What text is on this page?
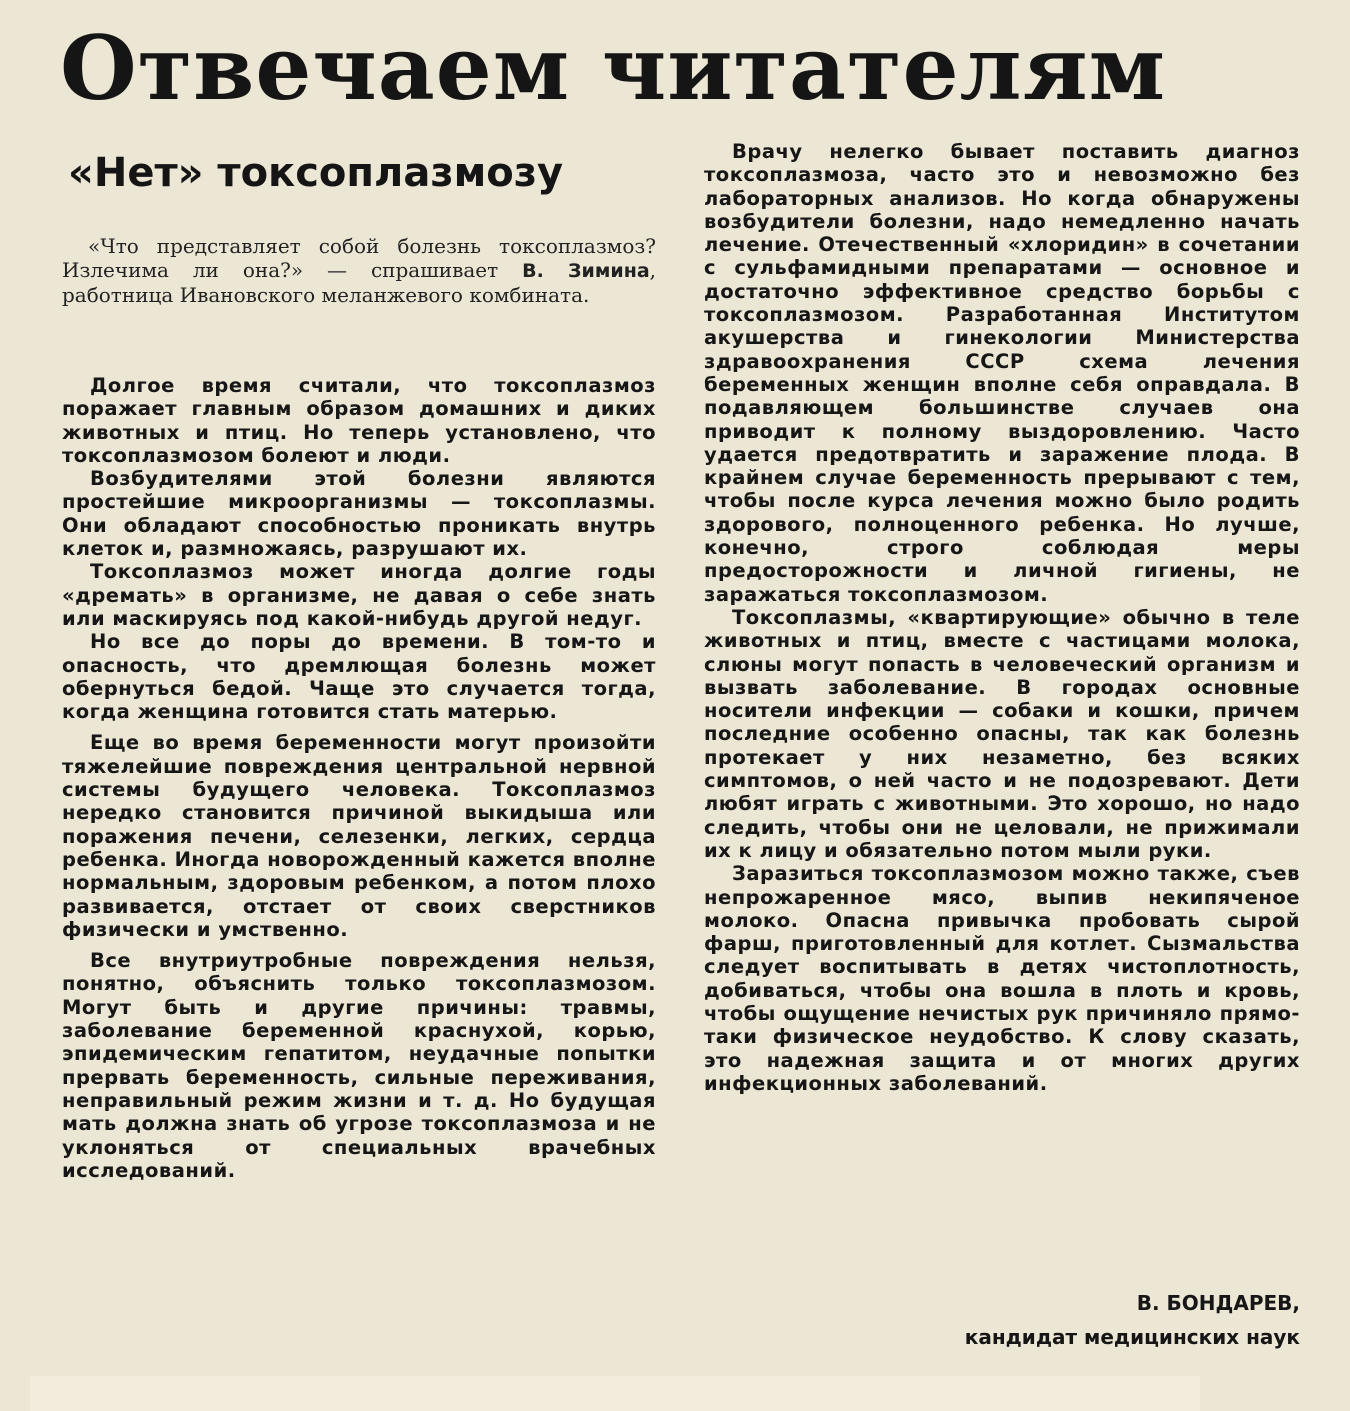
Отвечаем читателям
«Нет» токсоплазмозу
«Что представляет собой болезнь токсоплазмоз? Излечима ли она?» — спрашивает В. Зимина, работница Ивановского меланжевого комбината.

Долгое время считали, что токсоплазмоз поражает главным образом домашних и диких животных и птиц. Но теперь установлено, что токсоплазмозом болеют и люди.

Возбудителями этой болезни являются простейшие микроорганизмы — токсоплазмы. Они обладают способностью проникать внутрь клеток и, размножаясь, разрушают их.

Токсоплазмоз может иногда долгие годы «дремать» в организме, не давая о себе знать или маскируясь под какой-нибудь другой недуг.

Но все до поры до времени. В том-то и опасность, что дремлющая болезнь может обернуться бедой. Чаще это случается тогда, когда женщина готовится стать матерью.

Еще во время беременности могут произойти тяжелейшие повреждения центральной нервной системы будущего человека. Токсоплазмоз нередко становится причиной выкидыша или поражения печени, селезенки, легких, сердца ребенка. Иногда новорожденный кажется вполне нормальным, здоровым ребенком, а потом плохо развивается, отстает от своих сверстников физически и умственно.

Все внутриутробные повреждения нельзя, понятно, объяснить только токсоплазмозом. Могут быть и другие причины: травмы, заболевание беременной краснухой, корью, эпидемическим гепатитом, неудачные попытки прервать беременность, сильные переживания, неправильный режим жизни и т. д. Но будущая мать должна знать об угрозе токсоплазмоза и не уклоняться от специальных врачебных исследований.

Врачу нелегко бывает поставить диагноз токсоплазмоза, часто это и невозможно без лабораторных анализов. Но когда обнаружены возбудители болезни, надо немедленно начать лечение. Отечественный «хлоридин» в сочетании с сульфамидными препаратами — основное и достаточно эффективное средство борьбы с токсоплазмозом. Разработанная Институтом акушерства и гинекологии Министерства здравоохранения СССР схема лечения беременных женщин вполне себя оправдала. В подавляющем большинстве случаев она приводит к полному выздоровлению. Часто удается предотвратить и заражение плода. В крайнем случае беременность прерывают с тем, чтобы после курса лечения можно было родить здорового, полноценного ребенка. Но лучше, конечно, строго соблюдая меры предосторожности и личной гигиены, не заражаться токсоплазмозом.

Токсоплазмы, «квартирующие» обычно в теле животных и птиц, вместе с частицами молока, слюны могут попасть в человеческий организм и вызвать заболевание. В городах основные носители инфекции — собаки и кошки, причем последние особенно опасны, так как болезнь протекает у них незаметно, без всяких симптомов, о ней часто и не подозревают. Дети любят играть с животными. Это хорошо, но надо следить, чтобы они не целовали, не прижимали их к лицу и обязательно потом мыли руки.

Заразиться токсоплазмозом можно также, съев непрожаренное мясо, выпив некипяченое молоко. Опасна привычка пробовать сырой фарш, приготовленный для котлет. Сызмальства следует воспитывать в детях чистоплотность, добиваться, чтобы она вошла в плоть и кровь, чтобы ощущение нечистых рук причиняло прямо-таки физическое неудобство. К слову сказать, это надежная защита и от многих других инфекционных заболеваний.

В. БОНДАРЕВ,
кандидат медицинских наук
